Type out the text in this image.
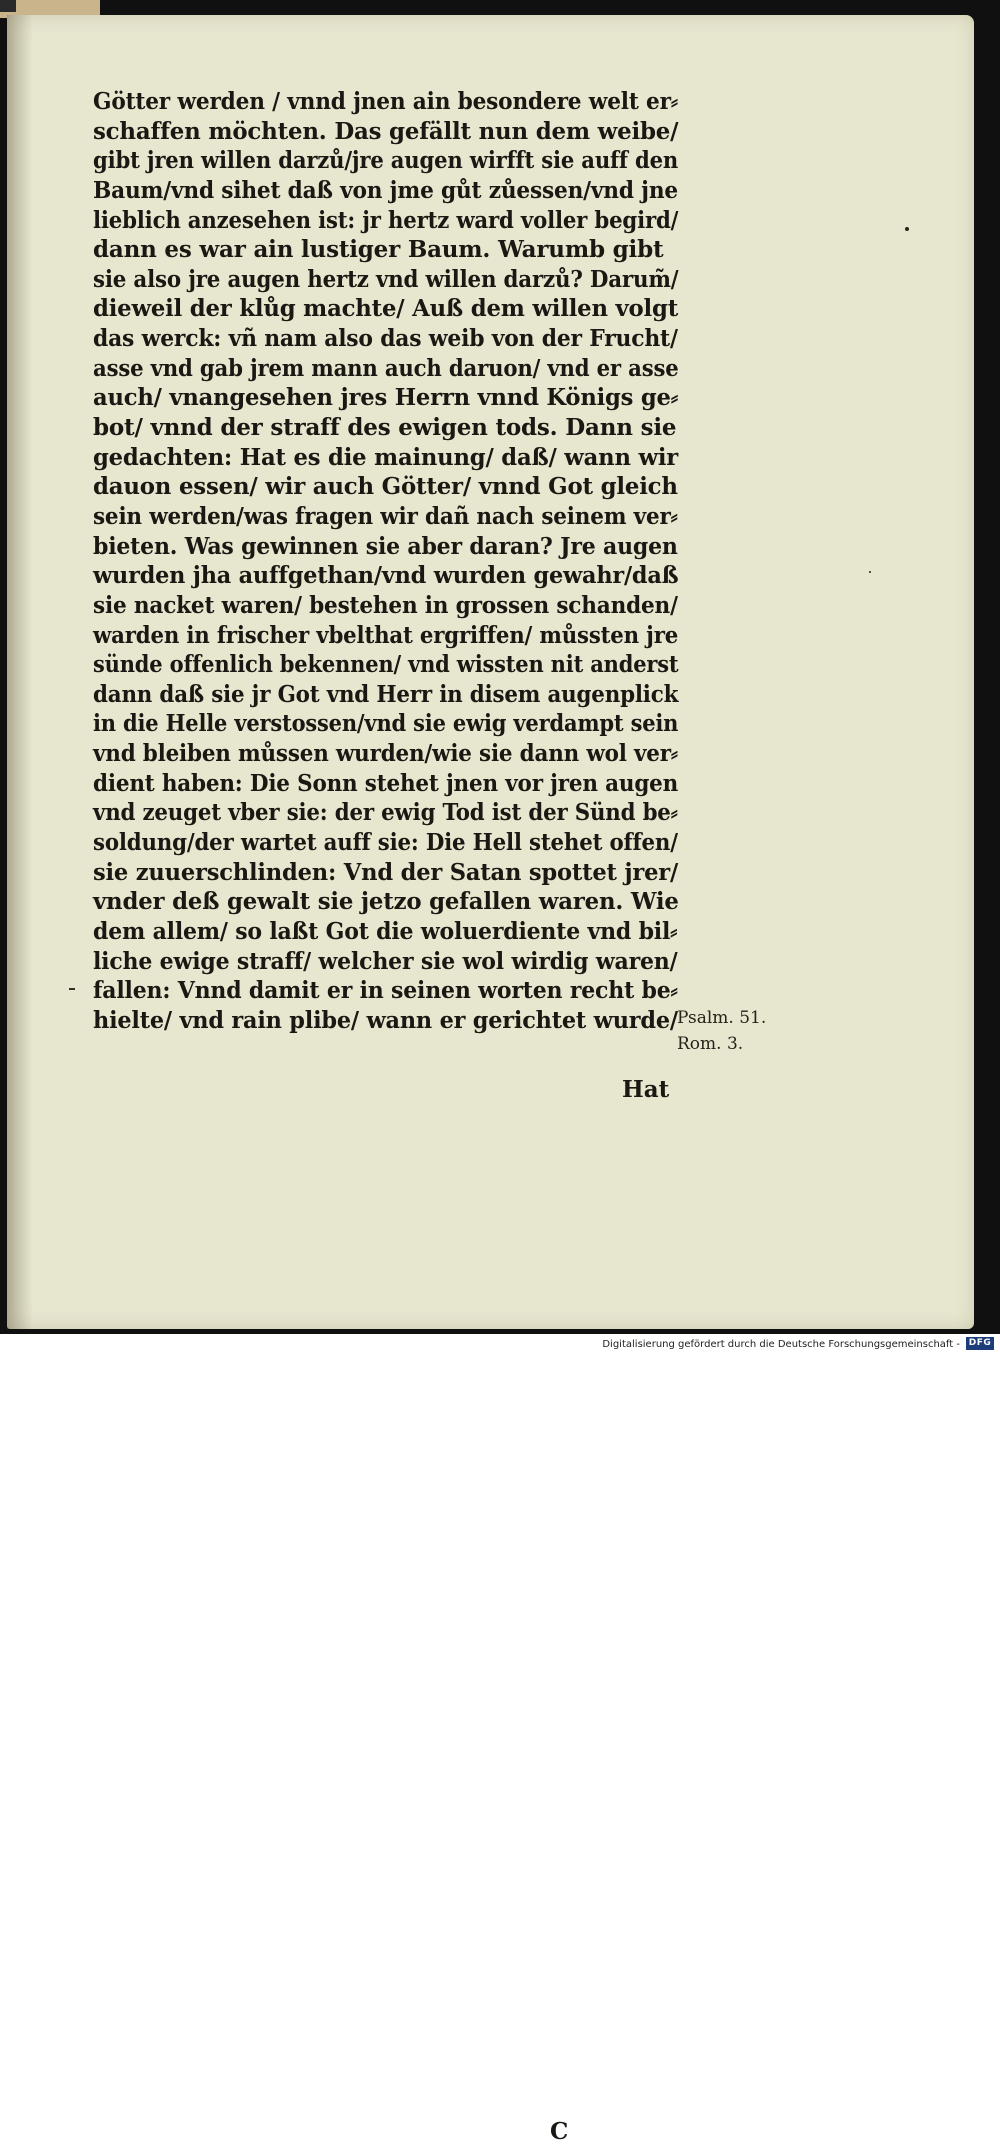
Götter werden / vnnd jnen ain besondere welt er⸗
schaffen möchten. Das gefällt nun dem weibe/
gibt jren willen darzů/jre augen wirfft sie auff den
Baum/vnd sihet daß von jme gůt zůessen/vnd jne
lieblich anzesehen ist: jr hertz ward voller begird/
dann es war ain lustiger Baum. Warumb gibt
sie also jre augen hertz vnd willen darzů? Darum̃/
dieweil der klůg machte/ Auß dem willen volgt
das werck: vñ nam also das weib von der Frucht/
asse vnd gab jrem mann auch daruon/ vnd er asse
auch/ vnangesehen jres Herrn vnnd Königs ge⸗
bot/ vnnd der straff des ewigen tods. Dann sie
gedachten: Hat es die mainung/ daß/ wann wir
dauon essen/ wir auch Götter/ vnnd Got gleich
sein werden/was fragen wir dañ nach seinem ver⸗
bieten. Was gewinnen sie aber daran? Jre augen
wurden jha auffgethan/vnd wurden gewahr/daß
sie nacket waren/ bestehen in grossen schanden/
warden in frischer vbelthat ergriffen/ můssten jre
sünde offenlich bekennen/ vnd wissten nit anderst
dann daß sie jr Got vnd Herr in disem augenplick
in die Helle verstossen/vnd sie ewig verdampt sein
vnd bleiben můssen wurden/wie sie dann wol ver⸗
dient haben: Die Sonn stehet jnen vor jren augen
vnd zeuget vber sie: der ewig Tod ist der Sünd be⸗
soldung/der wartet auff sie: Die Hell stehet offen/
sie zuuerschlinden: Vnd der Satan spottet jrer/
vnder deß gewalt sie jetzo gefallen waren. Wie
dem allem/ so laßt Got die woluerdiente vnd bil⸗
liche ewige straff/ welcher sie wol wirdig waren/
fallen: Vnnd damit er in seinen worten recht be⸗
hielte/ vnd rain plibe/ wann er gerichtet wurde/ Psalm. 51.
Rom. 3.
C
Hat
Digitalisierung gefördert durch die Deutsche Forschungsgemeinschaft - DFG
